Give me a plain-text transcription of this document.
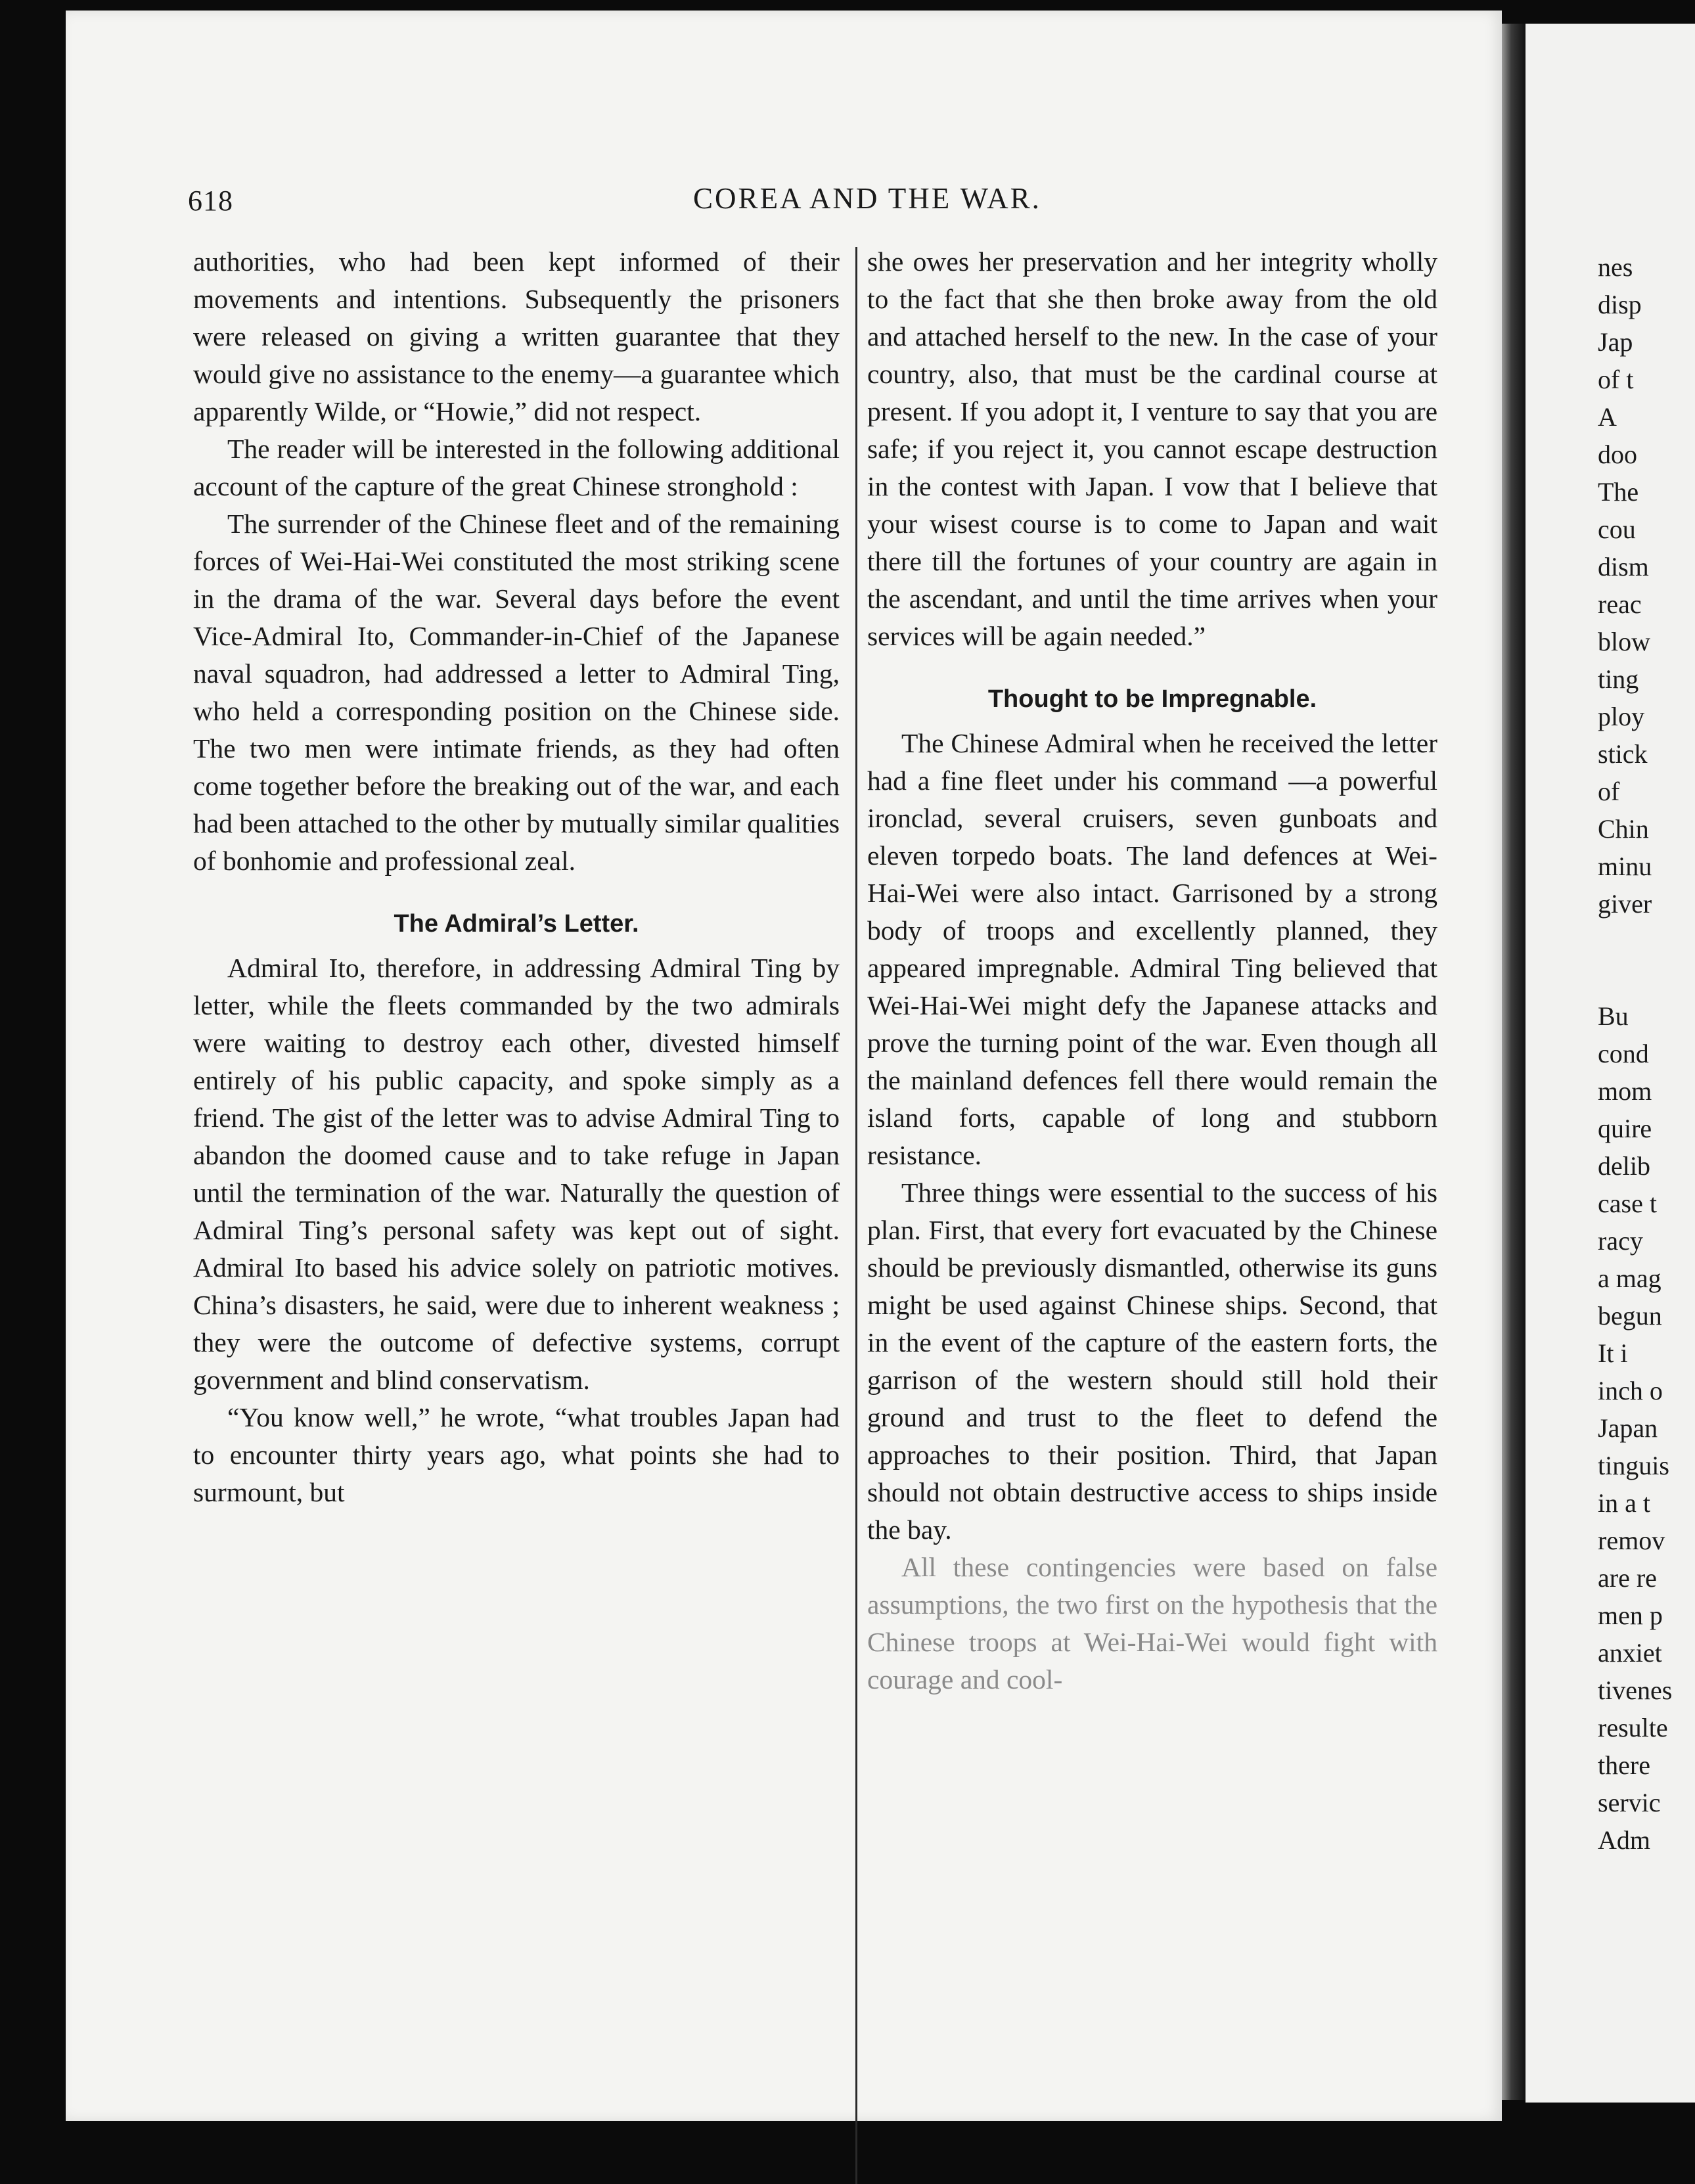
nes
disp
Jap
of t
A
doo
The
cou
dism
reac
blow
ting
ploy
stick
of
Chin
minu
giver
Bu
cond
mom
quire
delib
case t
racy
a mag
begun
It i
inch o
Japan
tinguis
in a t
remov
are re
men p
anxiet
tivenes
resulte
there
servic
Adm
618	COREA AND THE WAR.

authorities, who had been kept informed of their movements and intentions. Subsequently the prisoners were released on giving a written guarantee that they would give no assistance to the enemy—a guarantee which apparently Wilde, or “Howie,” did not respect.

The reader will be interested in the following additional account of the capture of the great Chinese stronghold :

The surrender of the Chinese fleet and of the remaining forces of Wei-Hai-Wei constituted the most striking scene in the drama of the war. Several days before the event Vice-Admiral Ito, Commander-in-Chief of the Japanese naval squadron, had addressed a letter to Admiral Ting, who held a corresponding position on the Chinese side. The two men were intimate friends, as they had often come together before the breaking out of the war, and each had been attached to the other by mutually similar qualities of bonhomie and professional zeal.

The Admiral’s Letter.

Admiral Ito, therefore, in addressing Admiral Ting by letter, while the fleets commanded by the two admirals were waiting to destroy each other, divested himself entirely of his public capacity, and spoke simply as a friend. The gist of the letter was to advise Admiral Ting to abandon the doomed cause and to take refuge in Japan until the termination of the war. Naturally the question of Admiral Ting’s personal safety was kept out of sight. Admiral Ito based his advice solely on patriotic motives. China’s disasters, he said, were due to inherent weakness ; they were the outcome of defective systems, corrupt government and blind conservatism.

“You know well,” he wrote, “what troubles Japan had to encounter thirty years ago, what points she had to surmount, but

she owes her preservation and her integrity wholly to the fact that she then broke away from the old and attached herself to the new. In the case of your country, also, that must be the cardinal course at present. If you adopt it, I venture to say that you are safe; if you reject it, you cannot escape destruction in the contest with Japan. I vow that I believe that your wisest course is to come to Japan and wait there till the fortunes of your country are again in the ascendant, and until the time arrives when your services will be again needed.”

Thought to be Impregnable.

The Chinese Admiral when he received the letter had a fine fleet under his command —a powerful ironclad, several cruisers, seven gunboats and eleven torpedo boats. The land defences at Wei-Hai-Wei were also intact. Garrisoned by a strong body of troops and excellently planned, they appeared impregnable. Admiral Ting believed that Wei-Hai-Wei might defy the Japanese attacks and prove the turning point of the war. Even though all the mainland defences fell there would remain the island forts, capable of long and stubborn resistance.

Three things were essential to the success of his plan. First, that every fort evacuated by the Chinese should be previously dismantled, otherwise its guns might be used against Chinese ships. Second, that in the event of the capture of the eastern forts, the garrison of the western should still hold their ground and trust to the fleet to defend the approaches to their position. Third, that Japan should not obtain destructive access to ships inside the bay.

All these contingencies were based on false assumptions, the two first on the hypothesis that the Chinese troops at Wei-Hai-Wei would fight with courage and cool-
